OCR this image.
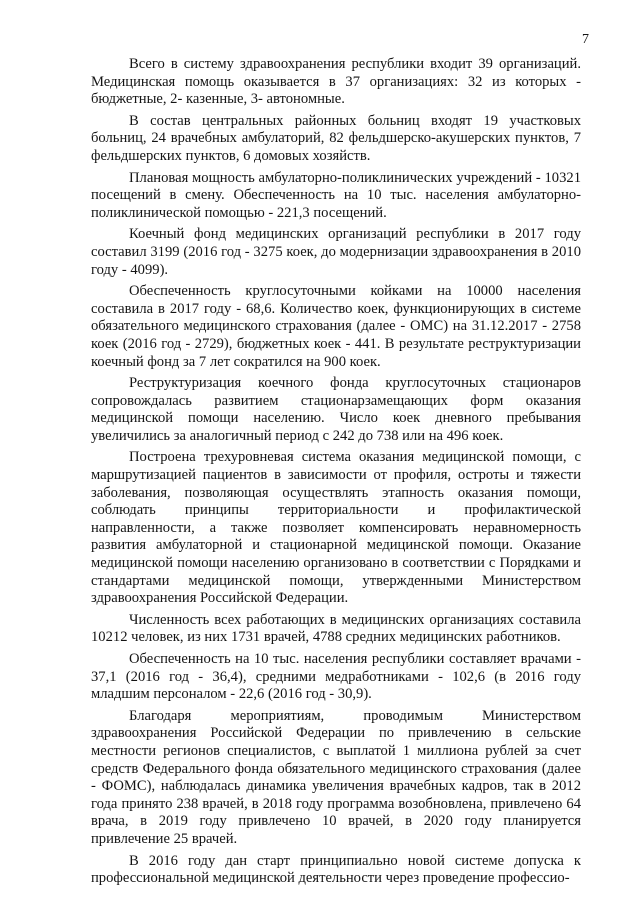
7

Всего в систему здравоохранения республики входит 39 организаций. Медицинская помощь оказывается в 37 организациях: 32 из которых - бюджетные, 2- казенные, 3- автономные.

В состав центральных районных больниц входят 19 участковых больниц, 24 врачебных амбулаторий, 82 фельдшерско-акушерских пунктов, 7 фельдшерских пунктов, 6 домовых хозяйств.

Плановая мощность амбулаторно-поликлинических учреждений - 10321 посещений в смену. Обеспеченность на 10 тыс. населения амбулаторно-поликлинической помощью - 221,3 посещений.

Коечный фонд медицинских организаций республики в 2017 году составил 3199 (2016 год - 3275 коек, до модернизации здравоохранения в 2010 году - 4099).

Обеспеченность круглосуточными койками на 10000 населения составила в 2017 году - 68,6. Количество коек, функционирующих в системе обязательного медицинского страхования (далее - ОМС) на 31.12.2017 - 2758 коек (2016 год - 2729), бюджетных коек - 441. В результате реструктуризации коечный фонд за 7 лет сократился на 900 коек.

Реструктуризация коечного фонда круглосуточных стационаров сопровождалась развитием стационарзамещающих форм оказания медицинской помощи населению. Число коек дневного пребывания увеличились за аналогичный период с 242 до 738 или на 496 коек.

Построена трехуровневая система оказания медицинской помощи, с маршрутизацией пациентов в зависимости от профиля, остроты и тяжести заболевания, позволяющая осуществлять этапность оказания помощи, соблюдать принципы территориальности и профилактической направленности, а также позволяет компенсировать неравномерность развития амбулаторной и стационарной медицинской помощи. Оказание медицинской помощи населению организовано в соответствии с Порядками и стандартами медицинской помощи, утвержденными Министерством здравоохранения Российской Федерации.

Численность всех работающих в медицинских организациях составила 10212 человек, из них 1731 врачей, 4788 средних медицинских работников.

Обеспеченность на 10 тыс. населения республики составляет врачами - 37,1 (2016 год - 36,4), средними медработниками - 102,6 (в 2016 году младшим персоналом - 22,6 (2016 год - 30,9).

Благодаря мероприятиям, проводимым Министерством здравоохранения Российской Федерации по привлечению в сельские местности регионов специалистов, с выплатой 1 миллиона рублей за счет средств Федерального фонда обязательного медицинского страхования (далее - ФОМС), наблюдалась динамика увеличения врачебных кадров, так в 2012 года принято 238 врачей, в 2018 году программа возобновлена, привлечено 64 врача, в 2019 году привлечено 10 врачей, в 2020 году планируется привлечение 25 врачей.

В 2016 году дан старт принципиально новой системе допуска к профессиональной медицинской деятельности через проведение профессио-
